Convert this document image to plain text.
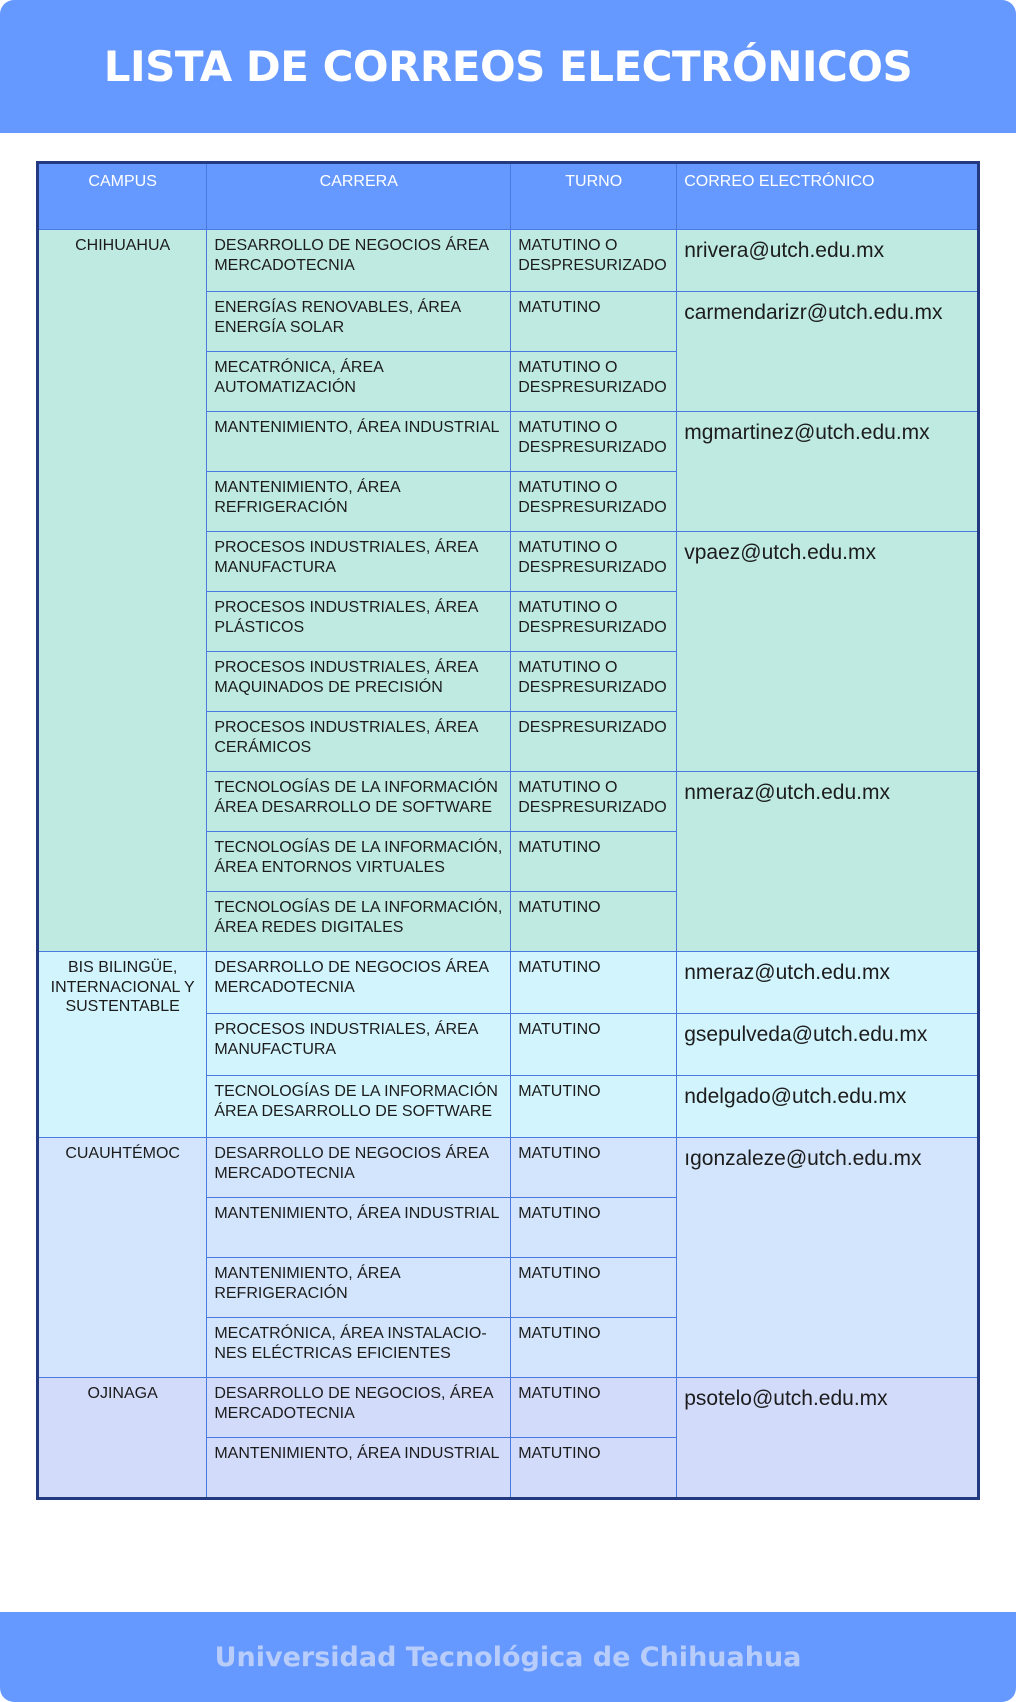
LISTA DE CORREOS ELECTRÓNICOS
CAMPUS	CARRERA	TURNO	CORREO ELECTRÓNICO
CHIHUAHUA	DESARROLLO DE NEGOCIOS ÁREA MERCADOTECNIA	MATUTINO O DESPRESURIZADO	nrivera@utch.edu.mx
	ENERGÍAS RENOVABLES, ÁREA ENERGÍA SOLAR	MATUTINO	carmendarizr@utch.edu.mx
	MECATRÓNICA, ÁREA AUTOMATIZACIÓN	MATUTINO O DESPRESURIZADO	
	MANTENIMIENTO, ÁREA INDUSTRIAL	MATUTINO O DESPRESURIZADO	mgmartinez@utch.edu.mx
	MANTENIMIENTO, ÁREA REFRIGERACIÓN	MATUTINO O DESPRESURIZADO	
	PROCESOS INDUSTRIALES, ÁREA MANUFACTURA	MATUTINO O DESPRESURIZADO	vpaez@utch.edu.mx
	PROCESOS INDUSTRIALES, ÁREA PLÁSTICOS	MATUTINO O DESPRESURIZADO	
	PROCESOS INDUSTRIALES, ÁREA MAQUINADOS DE PRECISIÓN	MATUTINO O DESPRESURIZADO	
	PROCESOS INDUSTRIALES, ÁREA CERÁMICOS	DESPRESURIZADO	
	TECNOLOGÍAS DE LA INFORMACIÓN ÁREA DESARROLLO DE SOFTWARE	MATUTINO O DESPRESURIZADO	nmeraz@utch.edu.mx
	TECNOLOGÍAS DE LA INFORMACIÓN, ÁREA ENTORNOS VIRTUALES	MATUTINO	
	TECNOLOGÍAS DE LA INFORMACIÓN, ÁREA REDES DIGITALES	MATUTINO	
BIS BILINGÜE, INTERNACIONAL Y SUSTENTABLE	DESARROLLO DE NEGOCIOS ÁREA MERCADOTECNIA	MATUTINO	nmeraz@utch.edu.mx
	PROCESOS INDUSTRIALES, ÁREA MANUFACTURA	MATUTINO	gsepulveda@utch.edu.mx
	TECNOLOGÍAS DE LA INFORMACIÓN ÁREA DESARROLLO DE SOFTWARE	MATUTINO	ndelgado@utch.edu.mx
CUAUHTÉMOC	DESARROLLO DE NEGOCIOS ÁREA MERCADOTECNIA	MATUTINO	ıgonzaleze@utch.edu.mx
	MANTENIMIENTO, ÁREA INDUSTRIAL	MATUTINO	
	MANTENIMIENTO, ÁREA REFRIGERACIÓN	MATUTINO	
	MECATRÓNICA, ÁREA INSTALACIO-NES ELÉCTRICAS EFICIENTES	MATUTINO	
OJINAGA	DESARROLLO DE NEGOCIOS, ÁREA MERCADOTECNIA	MATUTINO	psotelo@utch.edu.mx
	MANTENIMIENTO, ÁREA INDUSTRIAL	MATUTINO	
Universidad Tecnológica de Chihuahua
